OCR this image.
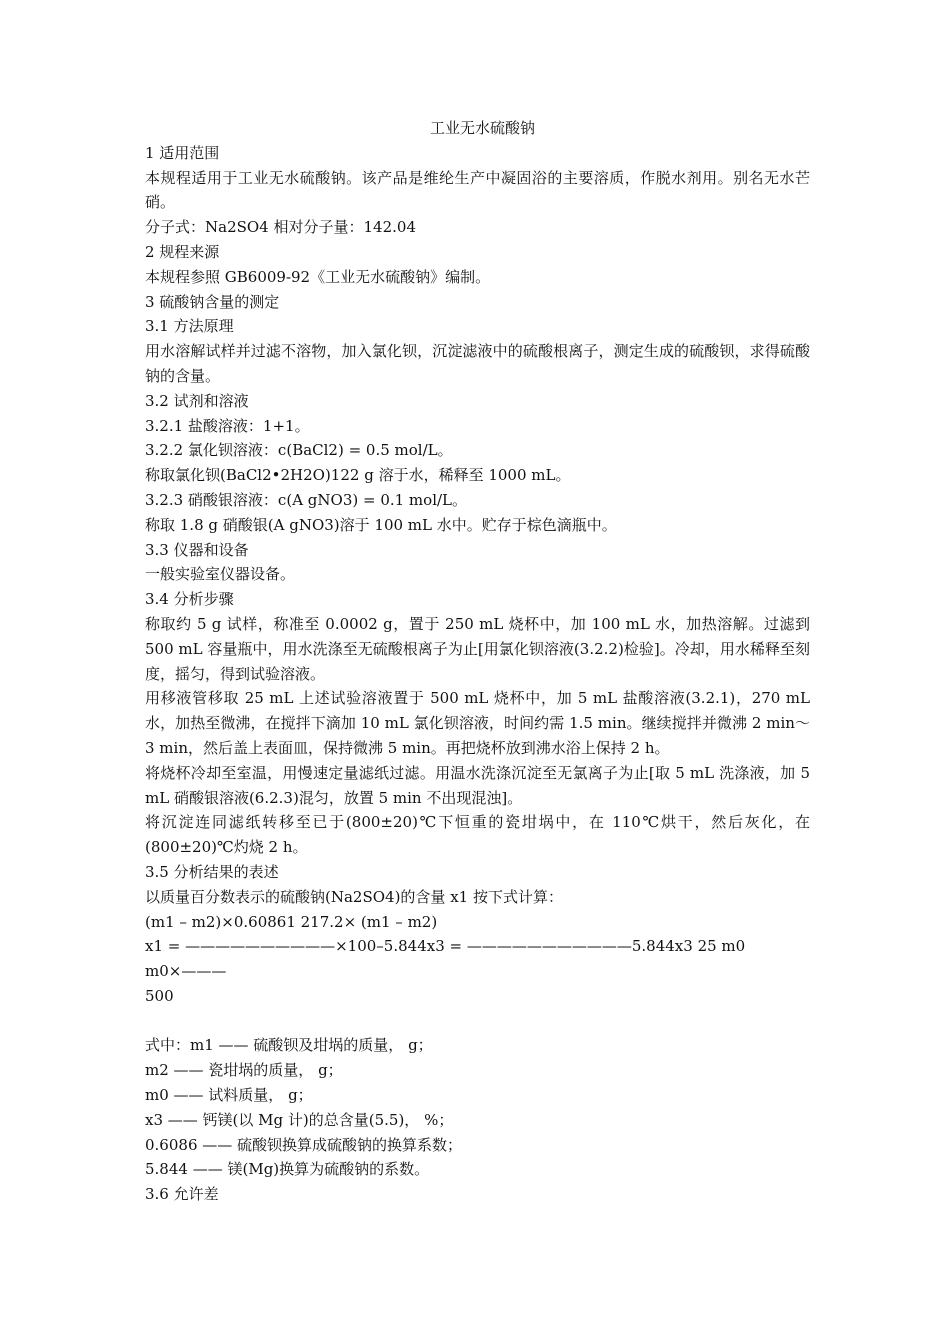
工业无水硫酸钠

1 适用范围

本规程适用于工业无水硫酸钠。该产品是维纶生产中凝固浴的主要溶质，作脱水剂用。别名无水芒硝。

分子式：Na2SO4 相对分子量：142.04

2 规程来源

本规程参照 GB6009-92《工业无水硫酸钠》编制。

3 硫酸钠含量的测定

3.1 方法原理

用水溶解试样并过滤不溶物，加入氯化钡，沉淀滤液中的硫酸根离子，测定生成的硫酸钡，求得硫酸钠的含量。

3.2 试剂和溶液

3.2.1 盐酸溶液：1+1。

3.2.2 氯化钡溶液：c(BaCl2) = 0.5 mol/L。

称取氯化钡(BaCl2•2H2O)122 g 溶于水，稀释至 1000 mL。

3.2.3 硝酸银溶液：c(A gNO3) = 0.1 mol/L。

称取 1.8 g 硝酸银(A gNO3)溶于 100 mL 水中。贮存于棕色滴瓶中。

3.3 仪器和设备

一般实验室仪器设备。

3.4 分析步骤

称取约 5 g 试样，称准至 0.0002 g，置于 250 mL 烧杯中，加 100 mL 水，加热溶解。过滤到 500 mL 容量瓶中，用水洗涤至无硫酸根离子为止[用氯化钡溶液(3.2.2)检验]。冷却，用水稀释至刻度，摇匀，得到试验溶液。

用移液管移取 25 mL 上述试验溶液置于 500 mL 烧杯中，加 5 mL 盐酸溶液(3.2.1)，270 mL 水，加热至微沸，在搅拌下滴加 10 mL 氯化钡溶液，时间约需 1.5 min。继续搅拌并微沸 2 min～3 min，然后盖上表面皿，保持微沸 5 min。再把烧杯放到沸水浴上保持 2 h。

将烧杯冷却至室温，用慢速定量滤纸过滤。用温水洗涤沉淀至无氯离子为止[取 5 mL 洗涤液，加 5 mL 硝酸银溶液(6.2.3)混匀，放置 5 min 不出现混浊]。

将沉淀连同滤纸转移至已于(800±20)℃下恒重的瓷坩埚中，在 110℃烘干，然后灰化，在(800±20)℃灼烧 2 h。

3.5 分析结果的表述

以质量百分数表示的硫酸钠(Na2SO4)的含量 x1 按下式计算：

(m1 – m2)×0.60861 217.2× (m1 – m2)

x1 = ——————————×100–5.844x3 = ———————————5.844x3 25 m0

m0×———

500

式中：m1 —— 硫酸钡及坩埚的质量， g；

m2 —— 瓷坩埚的质量， g；

m0 —— 试料质量， g；

x3 —— 钙镁(以 Mg 计)的总含量(5.5)， %；

0.6086 —— 硫酸钡换算成硫酸钠的换算系数；

5.844 —— 镁(Mg)换算为硫酸钠的系数。

3.6 允许差
